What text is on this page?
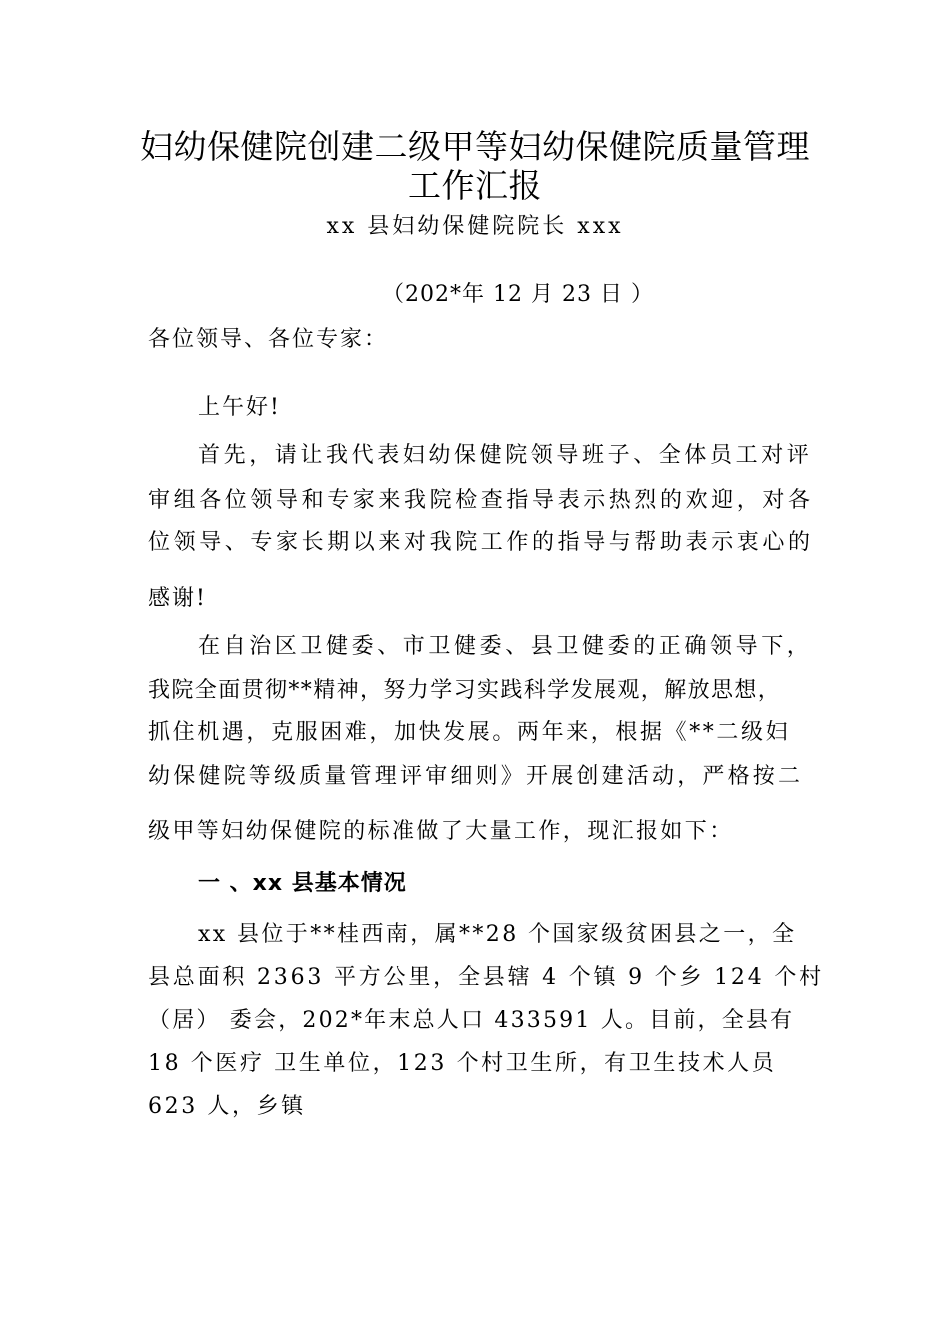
妇幼保健院创建二级甲等妇幼保健院质量管理
工作汇报
xx 县妇幼保健院院长 xxx
（202*年 12 月 23 日 ）
各位领导、各位专家：
上午好!
首先，请让我代表妇幼保健院领导班子、全体员工对评
审组各位领导和专家来我院检查指导表示热烈的欢迎，对各
位领导、专家长期以来对我院工作的指导与帮助表示衷心的
感谢!
在自治区卫健委、市卫健委、县卫健委的正确领导下，
我院全面贯彻**精神，努力学习实践科学发展观，解放思想，
抓住机遇，克服困难，加快发展。两年来，根据《**二级妇
幼保健院等级质量管理评审细则》开展创建活动，严格按二
级甲等妇幼保健院的标准做了大量工作，现汇报如下：
一 、xx 县基本情况
xx 县位于**桂西南，属**28 个国家级贫困县之一，全
县总面积 2363 平方公里，全县辖 4 个镇 9 个乡 124 个村
（居） 委会，202*年末总人口 433591 人。目前，全县有
18 个医疗 卫生单位，123 个村卫生所，有卫生技术人员
623 人，乡镇
